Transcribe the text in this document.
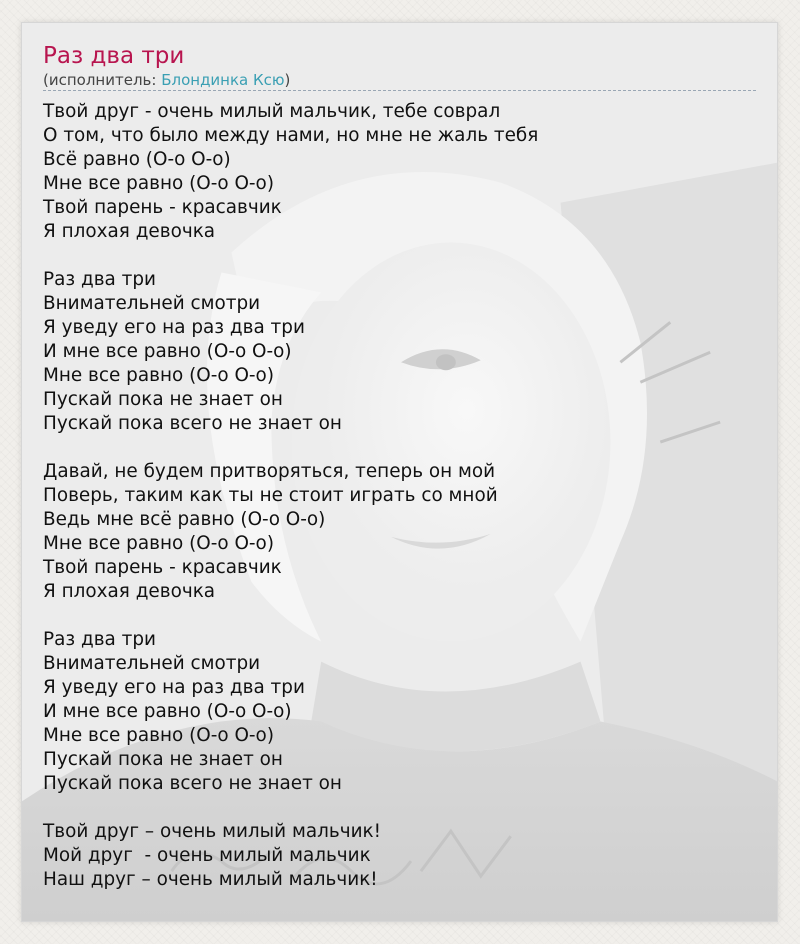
Раз два три
(исполнитель: Блондинка Ксю)
Твой друг - очень милый мальчик, тебе соврал
О том, что было между нами, но мне не жаль тебя
Всё равно (О-о О-о)
Мне все равно (О-о О-о)
Твой парень - красавчик
Я плохая девочка
Раз два три
Внимательней смотри
Я уведу его на раз два три
И мне все равно (О-о О-о)
Мне все равно (О-о О-о)
Пускай пока не знает он
Пускай пока всего не знает он
Давай, не будем притворяться, теперь он мой
Поверь, таким как ты не стоит играть со мной
Ведь мне всё равно (О-о О-о)
Мне все равно (О-о О-о)
Твой парень - красавчик
Я плохая девочка
Раз два три
Внимательней смотри
Я уведу его на раз два три
И мне все равно (О-о О-о)
Мне все равно (О-о О-о)
Пускай пока не знает он
Пускай пока всего не знает он
Твой друг – очень милый мальчик!
Мой друг  - очень милый мальчик
Наш друг – очень милый мальчик!
